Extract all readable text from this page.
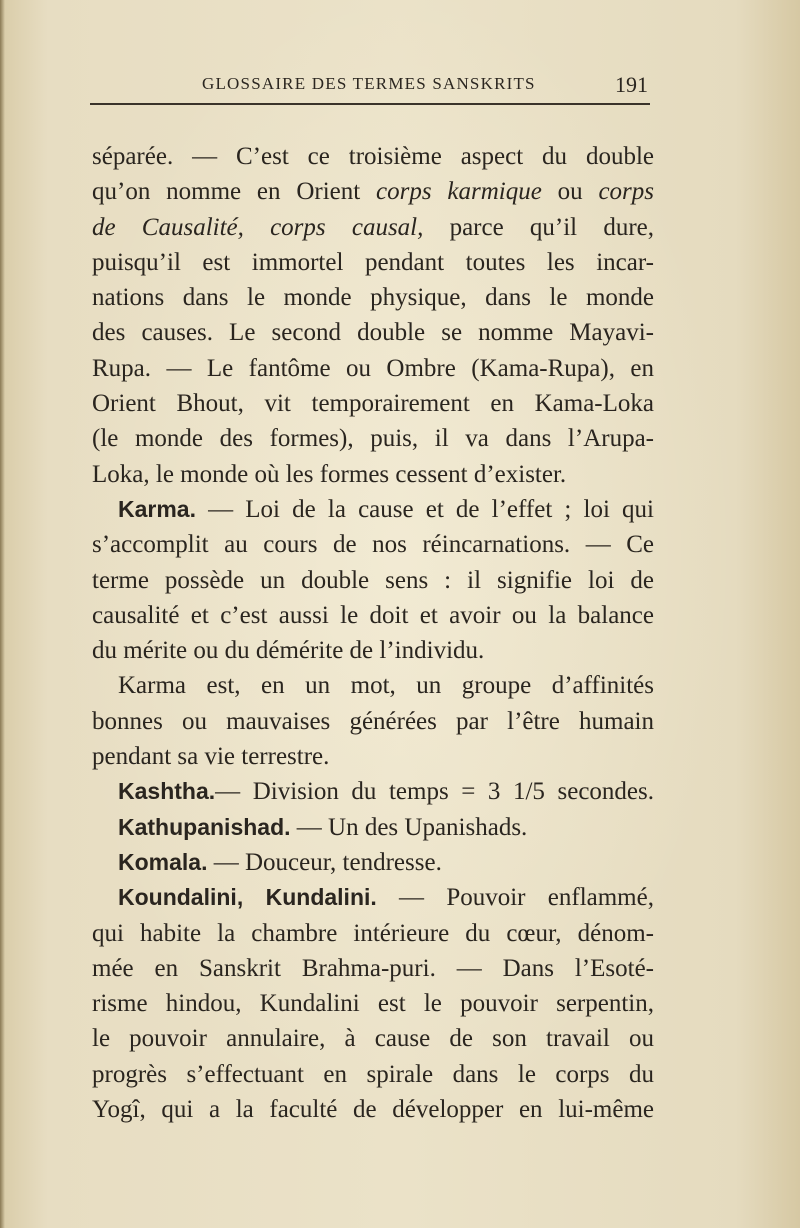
GLOSSAIRE DES TERMES SANSKRITS	191
séparée. — C’est ce troisième aspect du double
qu’on nomme en Orient corps karmique ou corps
de Causalité, corps causal, parce qu’il dure,
puisqu’il est immortel pendant toutes les incar-
nations dans le monde physique, dans le monde
des causes. Le second double se nomme Mayavi-
Rupa. — Le fantôme ou Ombre (Kama-Rupa), en
Orient Bhout, vit temporairement en Kama-Loka
(le monde des formes), puis, il va dans l’Arupa-
Loka, le monde où les formes cessent d’exister.
Karma. — Loi de la cause et de l’effet ; loi qui
s’accomplit au cours de nos réincarnations. — Ce
terme possède un double sens : il signifie loi de
causalité et c’est aussi le doit et avoir ou la balance
du mérite ou du démérite de l’individu.
Karma est, en un mot, un groupe d’affinités
bonnes ou mauvaises générées par l’être humain
pendant sa vie terrestre.
Kashtha.— Division du temps = 3 1/5 secondes.
Kathupanishad. — Un des Upanishads.
Komala. — Douceur, tendresse.
Koundalini, Kundalini. — Pouvoir enflammé,
qui habite la chambre intérieure du cœur, dénom-
mée en Sanskrit Brahma-puri. — Dans l’Esoté-
risme hindou, Kundalini est le pouvoir serpentin,
le pouvoir annulaire, à cause de son travail ou
progrès s’effectuant en spirale dans le corps du
Yogî, qui a la faculté de développer en lui-même
